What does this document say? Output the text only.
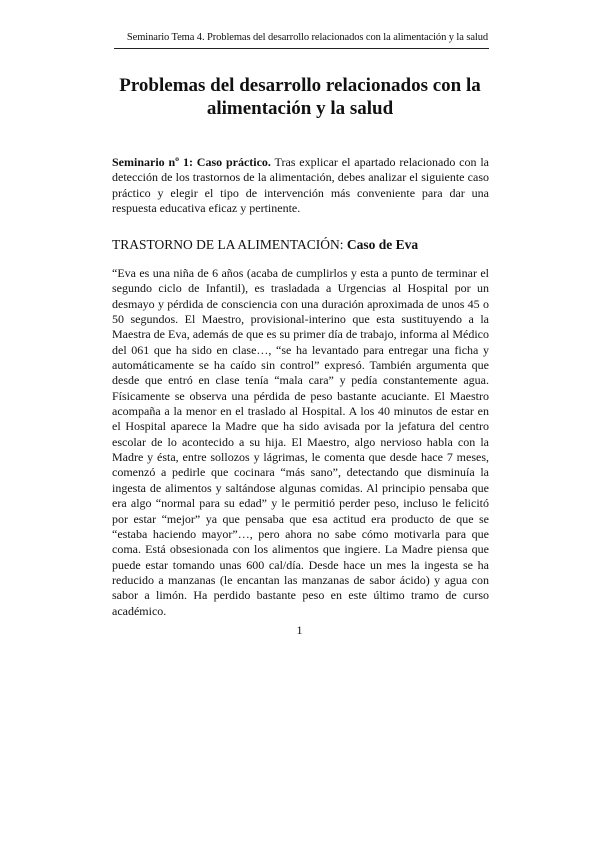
Seminario Tema 4. Problemas del desarrollo relacionados con la alimentación y la salud
Problemas del desarrollo relacionados con la
alimentación y la salud

Seminario nº 1: Caso práctico. Tras explicar el apartado relacionado con la detección de los trastornos de la alimentación, debes analizar el siguiente caso práctico y elegir el tipo de intervención más conveniente para dar una respuesta educativa eficaz y pertinente.

TRASTORNO DE LA ALIMENTACIÓN: Caso de Eva

“Eva es una niña de 6 años (acaba de cumplirlos y esta a punto de terminar el segundo ciclo de Infantil), es trasladada a Urgencias al Hospital por un desmayo y pérdida de consciencia con una duración aproximada de unos 45 o 50 segundos. El Maestro, provisional-interino que esta sustituyendo a la Maestra de Eva, además de que es su primer día de trabajo, informa al Médico del 061 que ha sido en clase…, “se ha levantado para entregar una ficha y automáticamente se ha caído sin control” expresó. También argumenta que desde que entró en clase tenía “mala cara” y pedía constantemente agua. Físicamente se observa una pérdida de peso bastante acuciante. El Maestro acompaña a la menor en el traslado al Hospital. A los 40 minutos de estar en el Hospital aparece la Madre que ha sido avisada por la jefatura del centro escolar de lo acontecido a su hija. El Maestro, algo nervioso habla con la Madre y ésta, entre sollozos y lágrimas, le comenta que desde hace 7 meses, comenzó a pedirle que cocinara “más sano”, detectando que disminuía la ingesta de alimentos y saltándose algunas comidas. Al principio pensaba que era algo “normal para su edad” y le permitió perder peso, incluso le felicitó por estar “mejor” ya que pensaba que esa actitud era producto de que se “estaba haciendo mayor”…, pero ahora no sabe cómo motivarla para que coma. Está obsesionada con los alimentos que ingiere. La Madre piensa que puede estar tomando unas 600 cal/día. Desde hace un mes la ingesta se ha reducido a manzanas (le encantan las manzanas de sabor ácido) y agua con sabor a limón. Ha perdido bastante peso en este último tramo de curso académico.

1
